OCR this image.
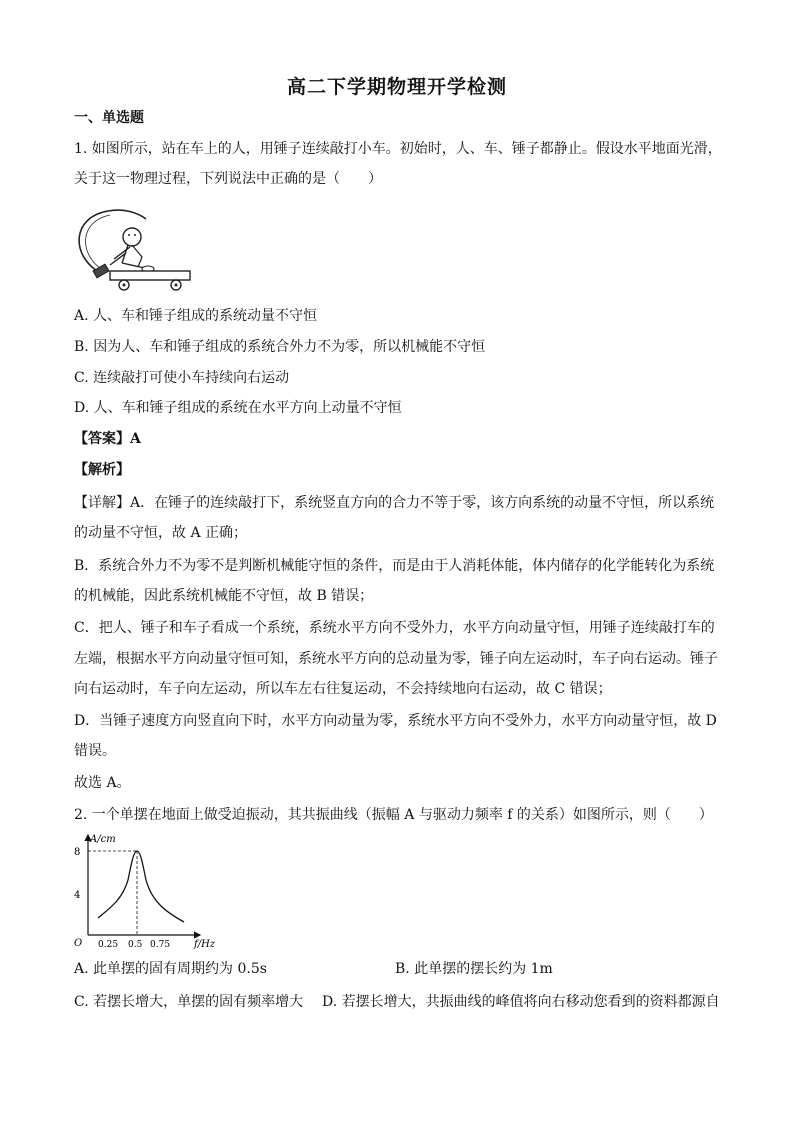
高二下学期物理开学检测
一、单选题
1. 如图所示，站在车上的人，用锤子连续敲打小车。初始时，人、车、锤子都静止。假设水平地面光滑，
关于这一物理过程，下列说法中正确的是（　　）
A. 人、车和锤子组成的系统动量不守恒
B. 因为人、车和锤子组成的系统合外力不为零，所以机械能不守恒
C. 连续敲打可使小车持续向右运动
D. 人、车和锤子组成的系统在水平方向上动量不守恒
【答案】A
【解析】
【详解】A．在锤子的连续敲打下，系统竖直方向的合力不等于零，该方向系统的动量不守恒，所以系统
的动量不守恒，故 A 正确；
B．系统合外力不为零不是判断机械能守恒的条件，而是由于人消耗体能，体内储存的化学能转化为系统
的机械能，因此系统机械能不守恒，故 B 错误；
C．把人、锤子和车子看成一个系统，系统水平方向不受外力，水平方向动量守恒，用锤子连续敲打车的
左端，根据水平方向动量守恒可知，系统水平方向的总动量为零，锤子向左运动时，车子向右运动。锤子
向右运动时，车子向左运动，所以车左右往复运动，不会持续地向右运动，故 C 错误；
D．当锤子速度方向竖直向下时，水平方向动量为零，系统水平方向不受外力，水平方向动量守恒，故 D
错误。
故选 A。
2. 一个单摆在地面上做受迫振动，其共振曲线（振幅 A 与驱动力频率 f 的关系）如图所示，则（　　）
A/cm
f/Hz
O
8
4
0.25 0.5 0.75
A. 此单摆的固有周期约为 0.5s	B. 此单摆的摆长约为 1m
C. 若摆长增大，单摆的固有频率增大 D. 若摆长增大，共振曲线的峰值将向右移动您看到的资料都源自
